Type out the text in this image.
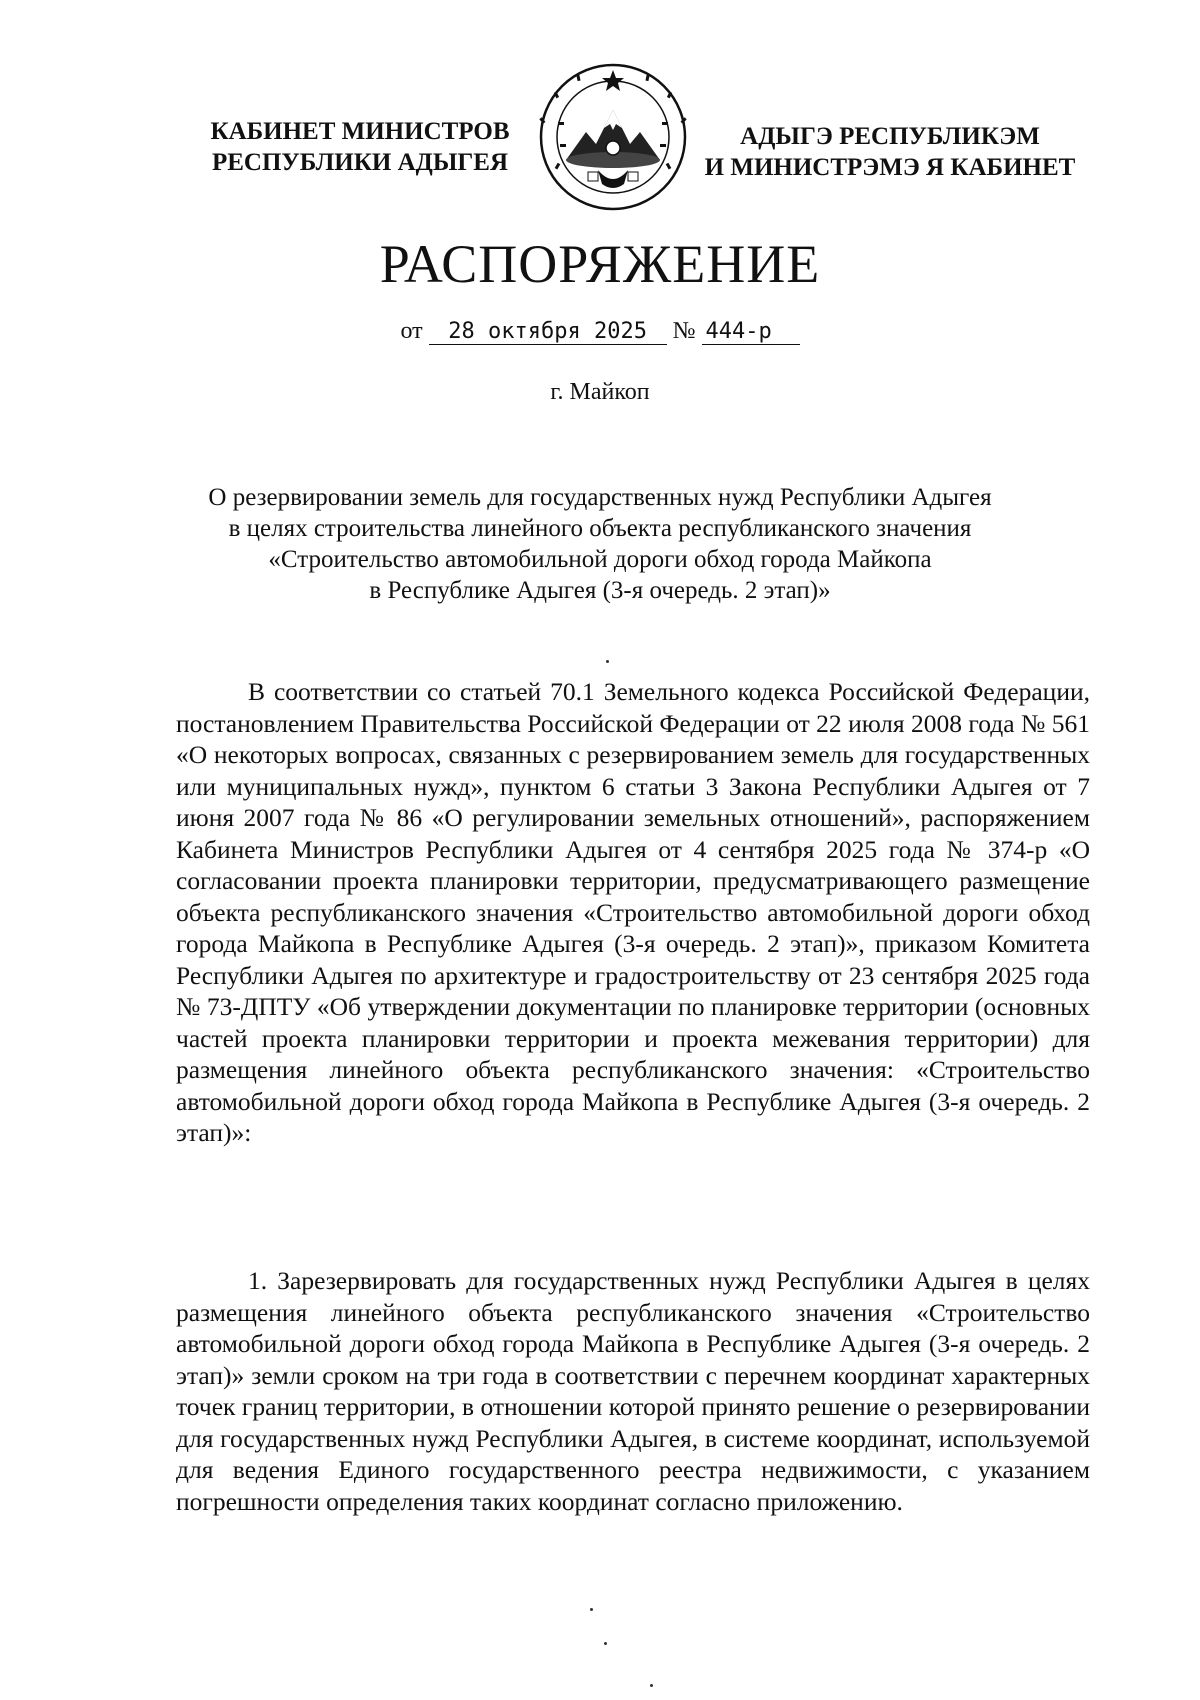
КАБИНЕТ МИНИСТРОВ
РЕСПУБЛИКИ АДЫГЕЯ
АДЫГЭ РЕСПУБЛИКЭМ
И МИНИСТРЭМЭ Я КАБИНЕТ
РАСПОРЯЖЕНИЕ
от 28 октября 2025 № 444-р
г. Майкоп
О резервировании земель для государственных нужд Республики Адыгея
в целях строительства линейного объекта республиканского значения
«Строительство автомобильной дороги обход города Майкопа
в Республике Адыгея (3-я очередь. 2 этап)»
В соответствии со статьей 70.1 Земельного кодекса Российской Федерации, постановлением Правительства Российской Федерации от 22 июля 2008 года № 561 «О некоторых вопросах, связанных с резервированием земель для государственных или муниципальных нужд», пунктом 6 статьи 3 Закона Республики Адыгея от 7 июня 2007 года № 86 «О регулировании земельных отношений», распоряжением Кабинета Министров Республики Адыгея от 4 сентября 2025 года № 374-р «О согласовании проекта планировки территории, предусматривающего размещение объекта республиканского значения «Строительство автомобильной дороги обход города Майкопа в Республике Адыгея (3-я очередь. 2 этап)», приказом Комитета Республики Адыгея по архитектуре и градостроительству от 23 сентября 2025 года № 73-ДПТУ «Об утверждении документации по планировке территории (основных частей проекта планировки территории и проекта межевания территории) для размещения линейного объекта республиканского значения: «Строительство автомобильной дороги обход города Майкопа в Республике Адыгея (3-я очередь. 2 этап)»:
1. Зарезервировать для государственных нужд Республики Адыгея в целях размещения линейного объекта республиканского значения «Строительство автомобильной дороги обход города Майкопа в Республике Адыгея (3-я очередь. 2 этап)» земли сроком на три года в соответствии с перечнем координат характерных точек границ территории, в отношении которой принято решение о резервировании для государственных нужд Республики Адыгея, в системе координат, используемой для ведения Единого государственного реестра недвижимости, с указанием погрешности определения таких координат согласно приложению.
